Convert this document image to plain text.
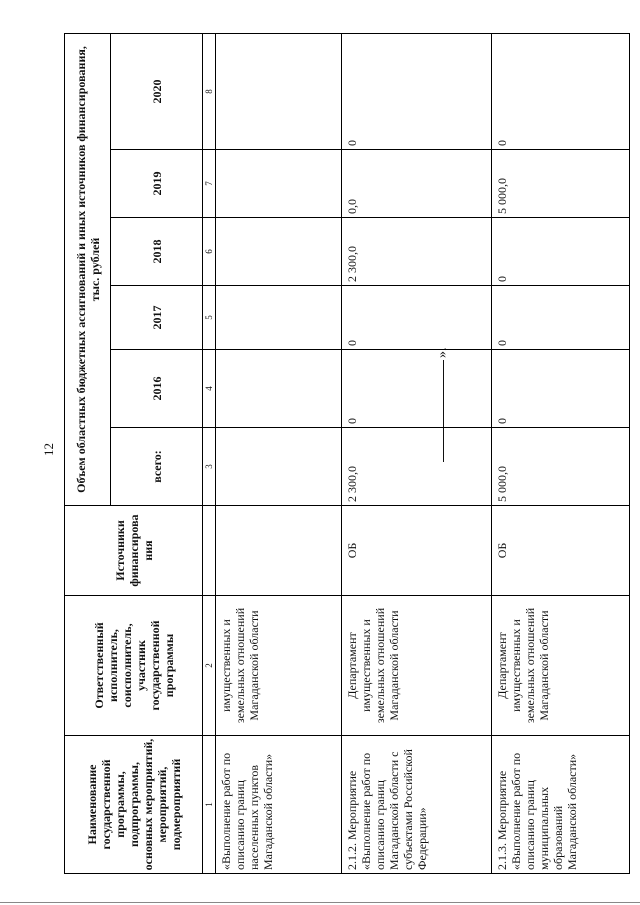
12
».
Наименование государственной программы, подпрограммы, основных мероприятий, мероприятий, подмероприятий	Ответственный исполнитель, соисполнитель, участник государственной программы	Источники финансирова ния	Объем областных бюджетных ассигнований и иных источников финансирования, тыс. рублей					
			всего:	2016	2017	2018	2019	2020
1	2		3	4	5	6	7	8
«Выполнение работ по описанию границ населенных пунктов Магаданской области»	имущественных и земельных отношений Магаданской области							
2.1.2. Мероприятие «Выполнение работ по описанию границ Магаданской области с субъектами Российской Федерации»	Департамент имущественных и земельных отношений Магаданской области	ОБ	2 300,0	0	0	2 300,0	0,0	0
2.1.3. Мероприятие «Выполнение работ по описанию границ муниципальных образований Магаданской области»	Департамент имущественных и земельных отношений Магаданской области	ОБ	5 000,0	0	0	0	5 000,0	0
